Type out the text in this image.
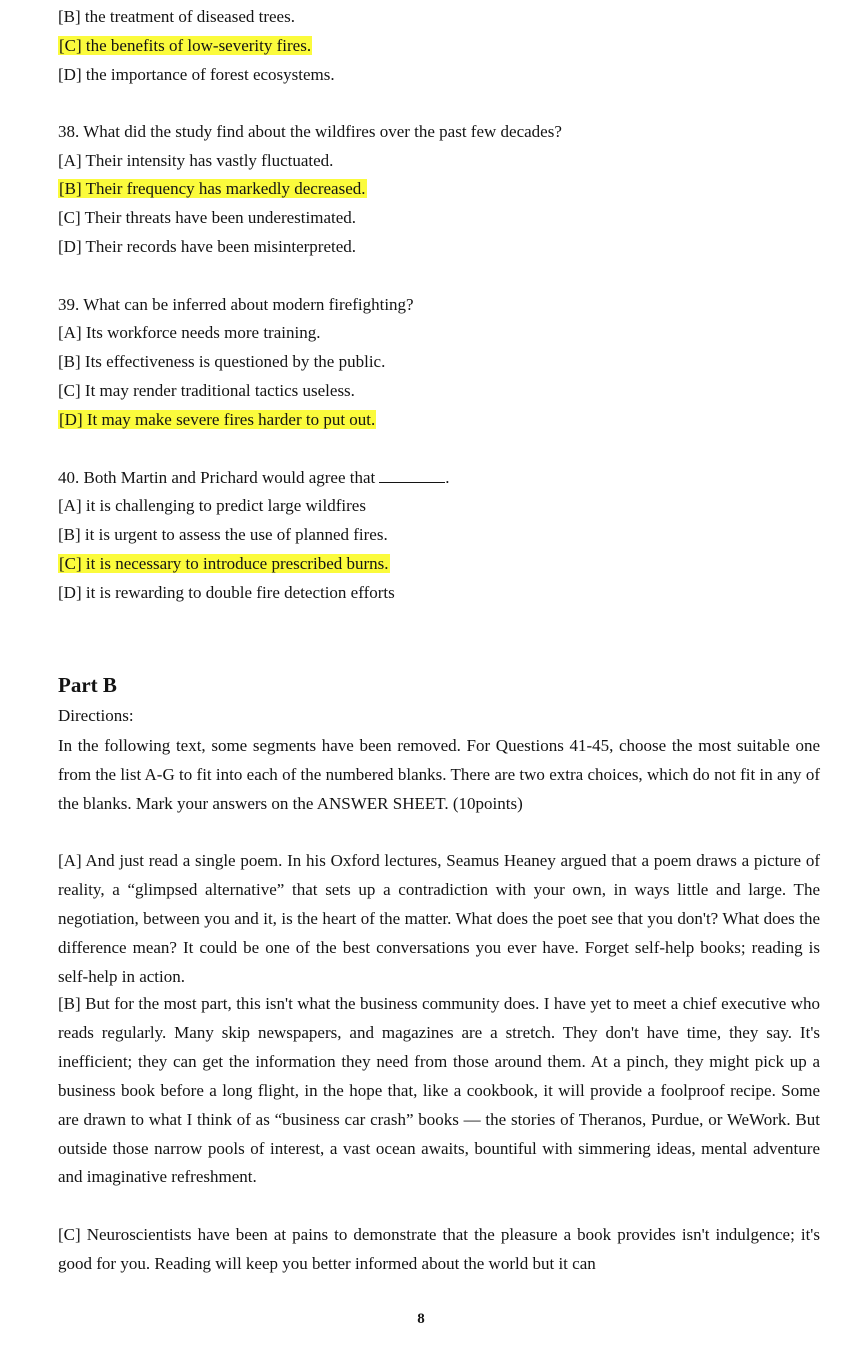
[B] the treatment of diseased trees.
[C] the benefits of low-severity fires.
[D] the importance of forest ecosystems.
38. What did the study find about the wildfires over the past few decades?
[A] Their intensity has vastly fluctuated.
[B] Their frequency has markedly decreased.
[C] Their threats have been underestimated.
[D] Their records have been misinterpreted.
39. What can be inferred about modern firefighting?
[A] Its workforce needs more training.
[B] Its effectiveness is questioned by the public.
[C] It may render traditional tactics useless.
[D] It may make severe fires harder to put out.
40. Both Martin and Prichard would agree that	.
[A] it is challenging to predict large wildfires
[B] it is urgent to assess the use of planned fires.
[C] it is necessary to introduce prescribed burns.
[D] it is rewarding to double fire detection efforts
Part B
Directions:
In the following text, some segments have been removed. For Questions 41-45, choose the most suitable one from the list A-G to fit into each of the numbered blanks. There are two extra choices, which do not fit in any of the blanks. Mark your answers on the ANSWER SHEET. (10points)
[A] And just read a single poem. In his Oxford lectures, Seamus Heaney argued that a poem draws a picture of reality, a “glimpsed alternative” that sets up a contradiction with your own, in ways little and large. The negotiation, between you and it, is the heart of the matter. What does the poet see that you don't? What does the difference mean? It could be one of the best conversations you ever have. Forget self-help books; reading is self-help in action.
[B] But for the most part, this isn't what the business community does. I have yet to meet a chief executive who reads regularly. Many skip newspapers, and magazines are a stretch. They don't have time, they say. It's inefficient; they can get the information they need from those around them. At a pinch, they might pick up a business book before a long flight, in the hope that, like a cookbook, it will provide a foolproof recipe. Some are drawn to what I think of as “business car crash” books — the stories of Theranos, Purdue, or WeWork. But outside those narrow pools of interest, a vast ocean awaits, bountiful with simmering ideas, mental adventure and imaginative refreshment.
[C] Neuroscientists have been at pains to demonstrate that the pleasure a book provides isn't indulgence; it's good for you. Reading will keep you better informed about the world but it can
8
